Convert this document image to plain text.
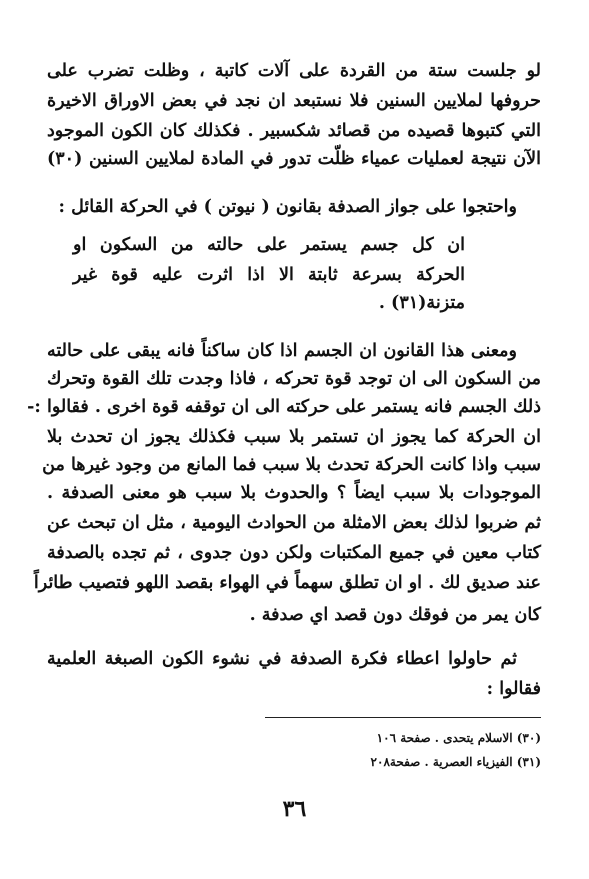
لو جلست ستة من القردة على آلات كاتبة ، وظلت تضرب على
حروفها لملايين السنين فلا نستبعد ان نجد في بعض الاوراق الاخيرة
التي كتبوها قصيده من قصائد شكسبير . فكذلك كان الكون الموجود
الآن نتيجة لعمليات عمياء ظلّت تدور في المادة لملايين السنين (٣٠)
واحتجوا على جواز الصدفة بقانون ( نيوتن ) في الحركة القائل :
ان كل جسم يستمر على حالته من السكون او
الحركة بسرعة ثابتة الا اذا اثرت عليه قوة غير
متزنة(٣١) .
ومعنى هذا القانون ان الجسم اذا كان ساكناً فانه يبقى على حالته
من السكون الى ان توجد قوة تحركه ، فاذا وجدت تلك القوة وتحرك
ذلك الجسم فانه يستمر على حركته الى ان توقفه قوة اخرى . فقالوا :-
ان الحركة كما يجوز ان تستمر بلا سبب فكذلك يجوز ان تحدث بلا
سبب واذا كانت الحركة تحدث بلا سبب فما المانع من وجود غيرها من
الموجودات بلا سبب ايضاً ؟ والحدوث بلا سبب هو معنى الصدفة .
ثم ضربوا لذلك بعض الامثلة من الحوادث اليومية ، مثل ان تبحث عن
كتاب معين في جميع المكتبات ولكن دون جدوى ، ثم تجده بالصدفة
عند صديق لك . او ان تطلق سهماً في الهواء بقصد اللهو فتصيب طائراً
كان يمر من فوقك دون قصد اي صدفة .
ثم حاولوا اعطاء فكرة الصدفة في نشوء الكون الصبغة العلمية
فقالوا :
(٣٠) الاسلام يتحدى . صفحة ١٠٦
(٣١) الفيزياء العصرية . صفحة٢٠٨
٣٦
